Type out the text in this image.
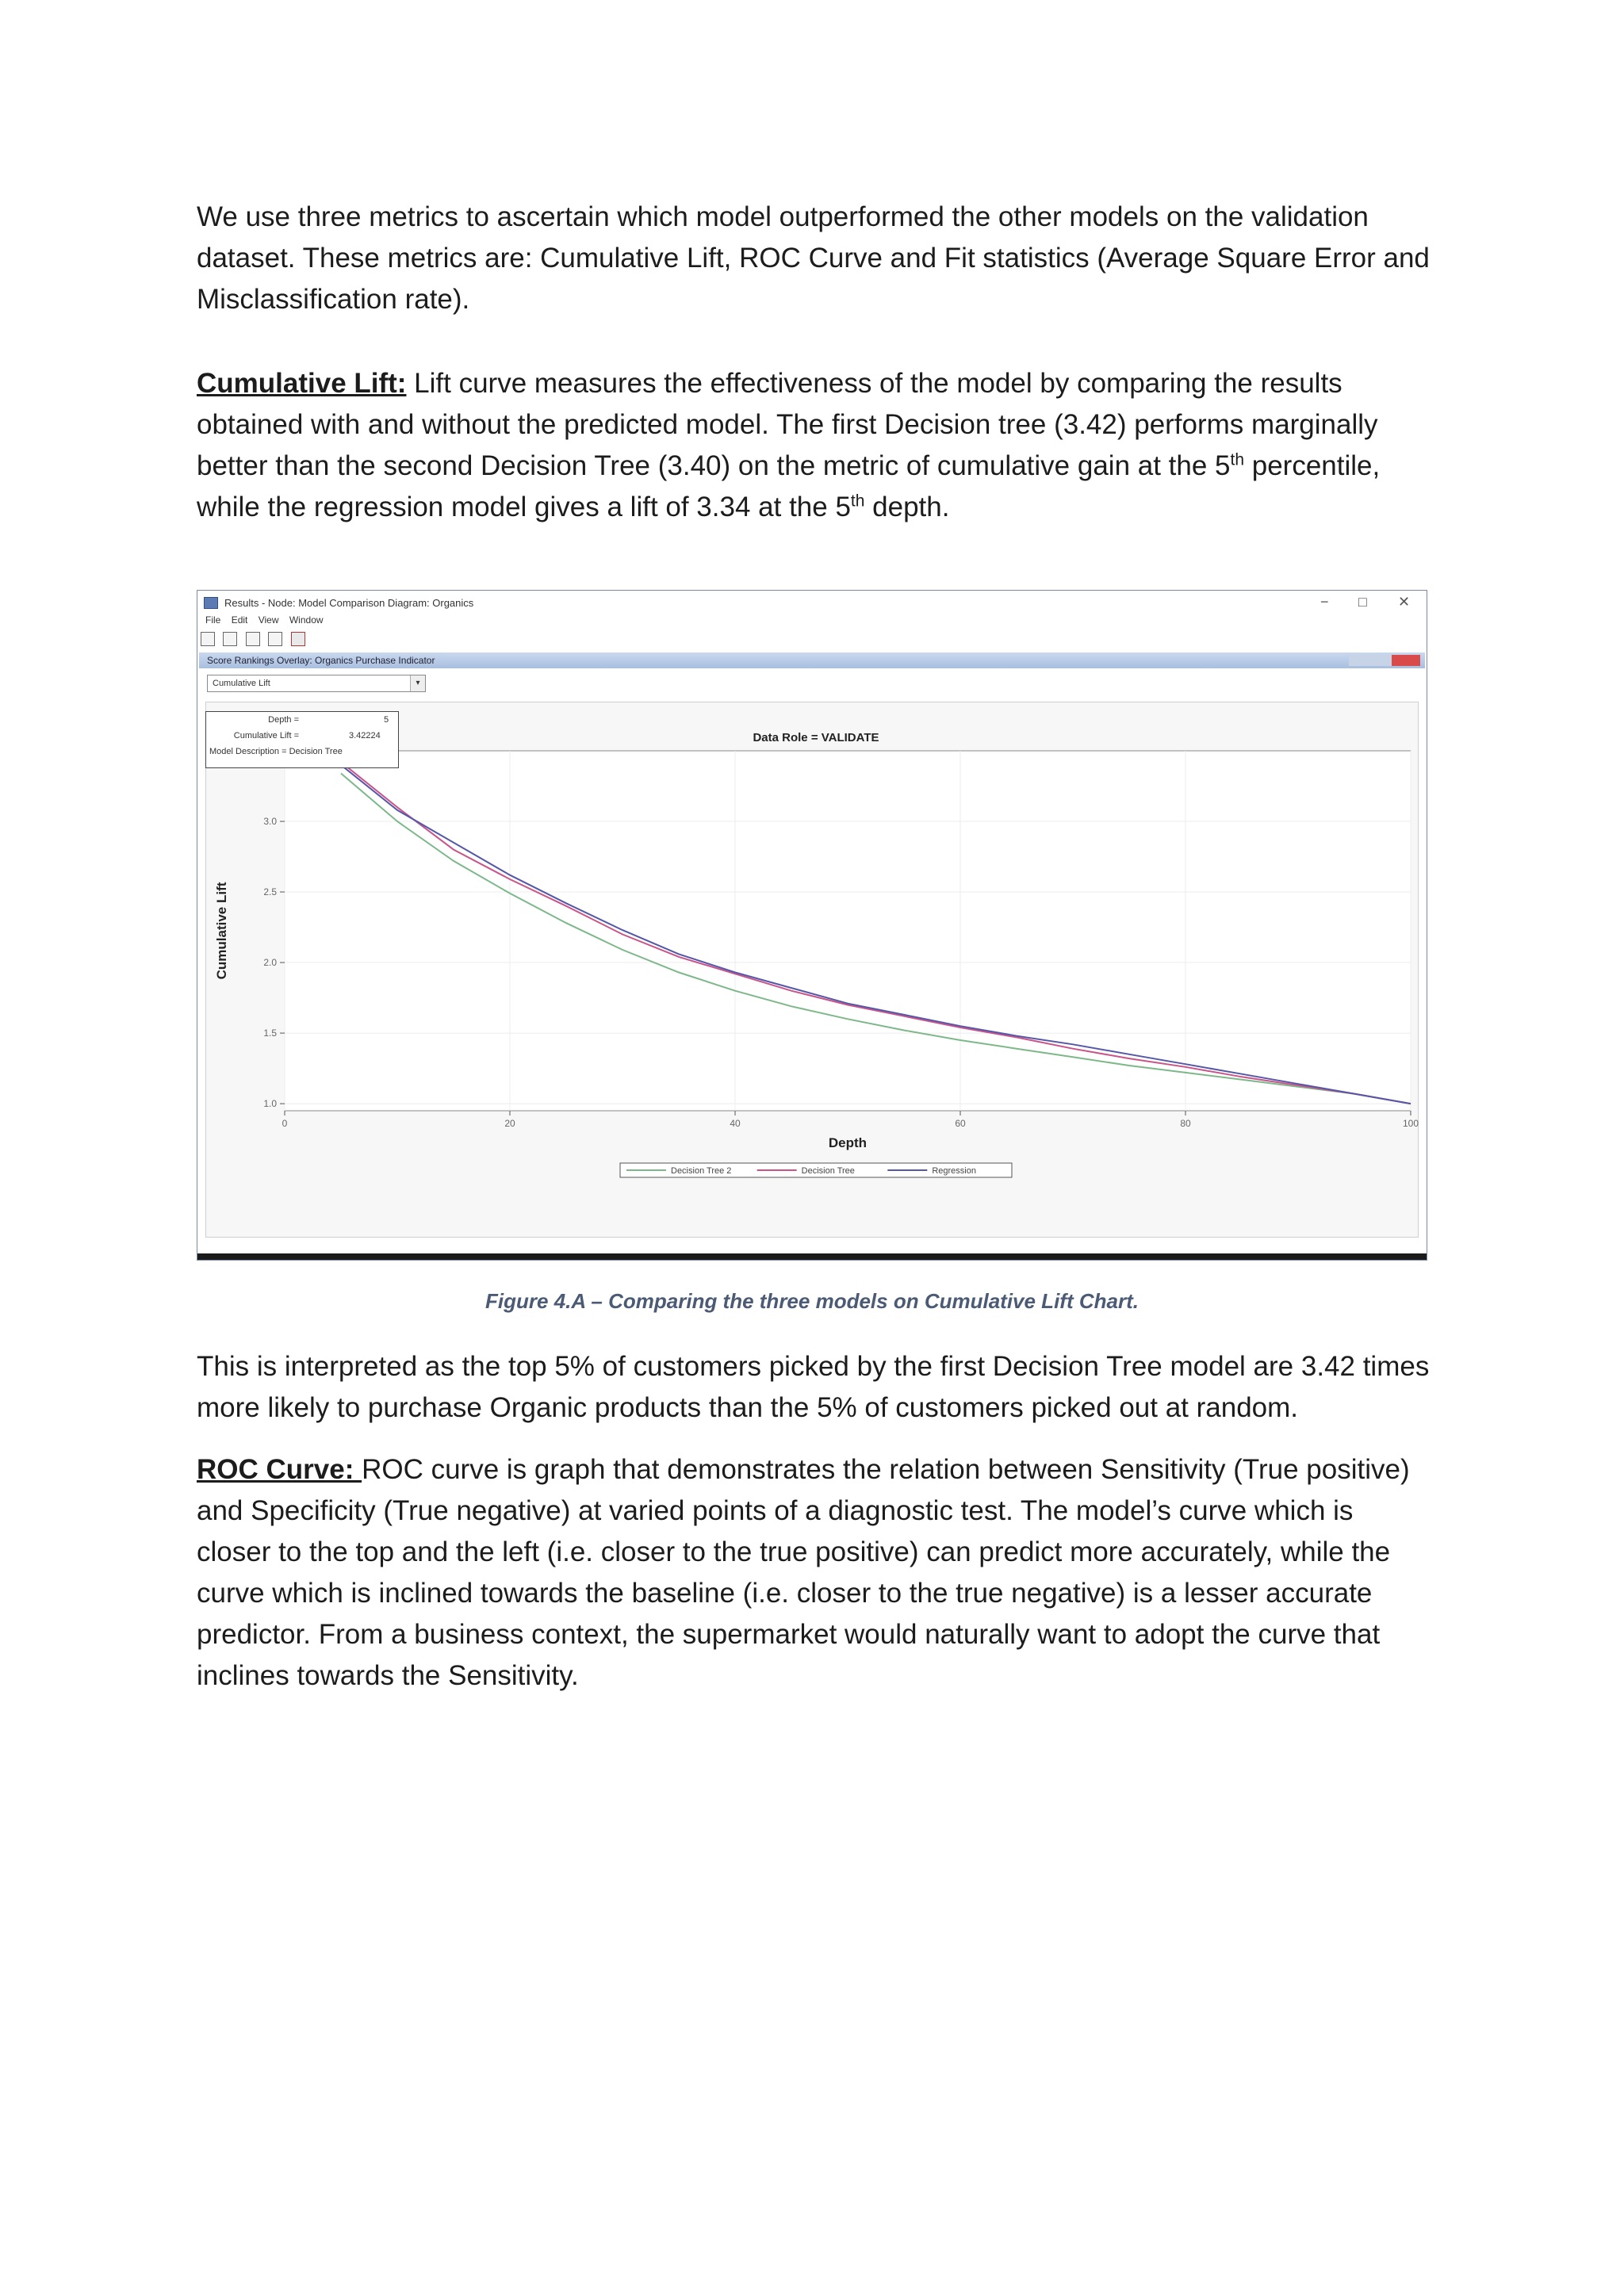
We use three metrics to ascertain which model outperformed the other models on the validation dataset. These metrics are: Cumulative Lift, ROC Curve and Fit statistics (Average Square Error and Misclassification rate).

Cumulative Lift: Lift curve measures the effectiveness of the model by comparing the results obtained with and without the predicted model. The first Decision tree (3.42) performs marginally better than the second Decision Tree (3.40) on the metric of cumulative gain at the 5th percentile, while the regression model gives a lift of 3.34 at the 5th depth.

Results - Node: Model Comparison Diagram: Organics	− □ ✕
File Edit View Window

Score Rankings Overlay: Organics Purchase Indicator
Cumulative Lift	▾
Data Role = VALIDATE
0	20	40	60	80	100
1.0
1.5
2.0
2.5
3.0
Depth
Cumulative Lift
Decision Tree 2	Decision Tree	Regression
Depth =	5
Cumulative Lift =	3.42224
Model Description = Decision Tree
Figure 4.A – Comparing the three models on Cumulative Lift Chart.

This is interpreted as the top 5% of customers picked by the first Decision Tree model are 3.42 times more likely to purchase Organic products than the 5% of customers picked out at random.

ROC Curve: ROC curve is graph that demonstrates the relation between Sensitivity (True positive) and Specificity (True negative) at varied points of a diagnostic test. The model’s curve which is closer to the top and the left (i.e. closer to the true positive) can predict more accurately, while the curve which is inclined towards the baseline (i.e. closer to the true negative) is a lesser accurate predictor. From a business context, the supermarket would naturally want to adopt the curve that inclines towards the Sensitivity.
